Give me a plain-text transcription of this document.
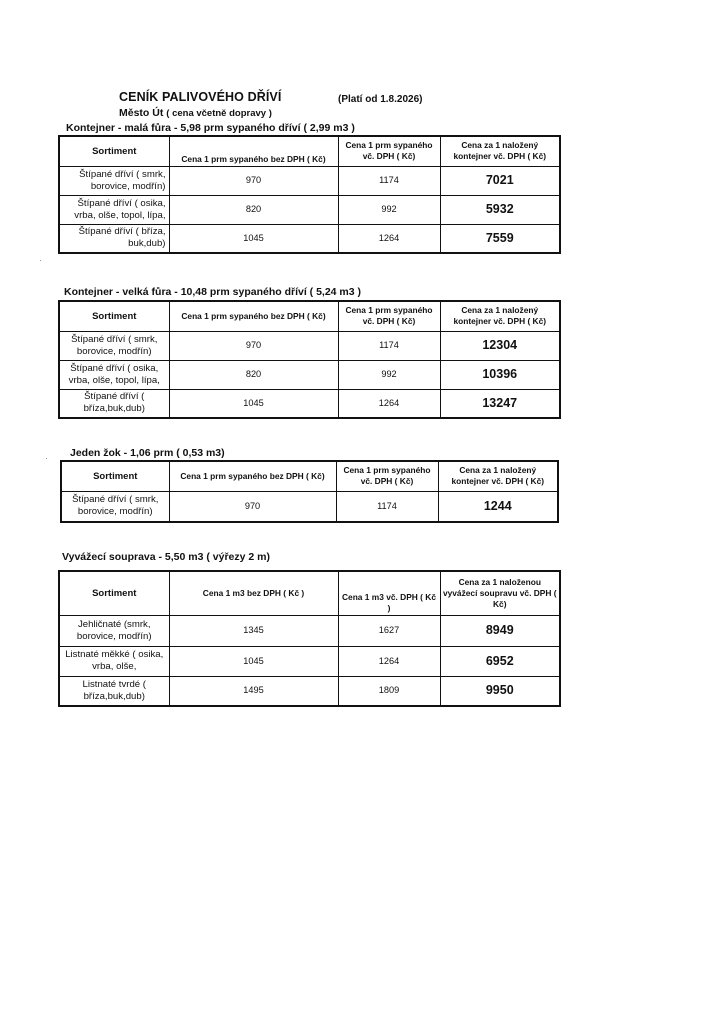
CENÍK PALIVOVÉHO DŘÍVÍ	(Platí od 1.8.2026)
Město Út ( cena včetně dopravy )
Kontejner - malá fůra - 5,98 prm sypaného dříví ( 2,99 m3 )
Sortiment	Cena 1 prm sypaného bez DPH ( Kč)	Cena 1 prm sypaného vč. DPH ( Kč)	Cena za 1 naložený kontejner vč. DPH ( Kč)
Štípané dříví ( smrk, borovice, modřín)	970	1174	7021
Štípané dříví ( osika, vrba, olše, topol, lípa,	820	992	5932
Štípané dříví ( bříza, buk,dub)	1045	1264	7559
Kontejner - velká fůra - 10,48 prm sypaného dříví ( 5,24 m3 )
Sortiment	Cena 1 prm sypaného bez DPH ( Kč)	Cena 1 prm sypaného vč. DPH ( Kč)	Cena za 1 naložený kontejner vč. DPH ( Kč)
Štípané dříví ( smrk, borovice, modřín)	970	1174	12304
Štípané dříví ( osika, vrba, olše, topol, lípa,	820	992	10396
Štípané dříví ( bříza,buk,dub)	1045	1264	13247
Jeden žok - 1,06 prm ( 0,53 m3)
Sortiment	Cena 1 prm sypaného bez DPH ( Kč)	Cena 1 prm sypaného vč. DPH ( Kč)	Cena za 1 naložený kontejner vč. DPH ( Kč)
Štípané dříví ( smrk, borovice, modřín)	970	1174	1244
Vyvážecí souprava - 5,50 m3 ( výřezy 2 m)
Sortiment	Cena 1 m3 bez DPH ( Kč )	Cena 1 m3 vč. DPH ( Kč )	Cena za 1 naloženou vyvážecí soupravu vč. DPH ( Kč)
Jehličnaté (smrk, borovice, modřín)	1345	1627	8949
Listnaté měkké ( osika, vrba, olše,	1045	1264	6952
Listnaté tvrdé ( bříza,buk,dub)	1495	1809	9950
